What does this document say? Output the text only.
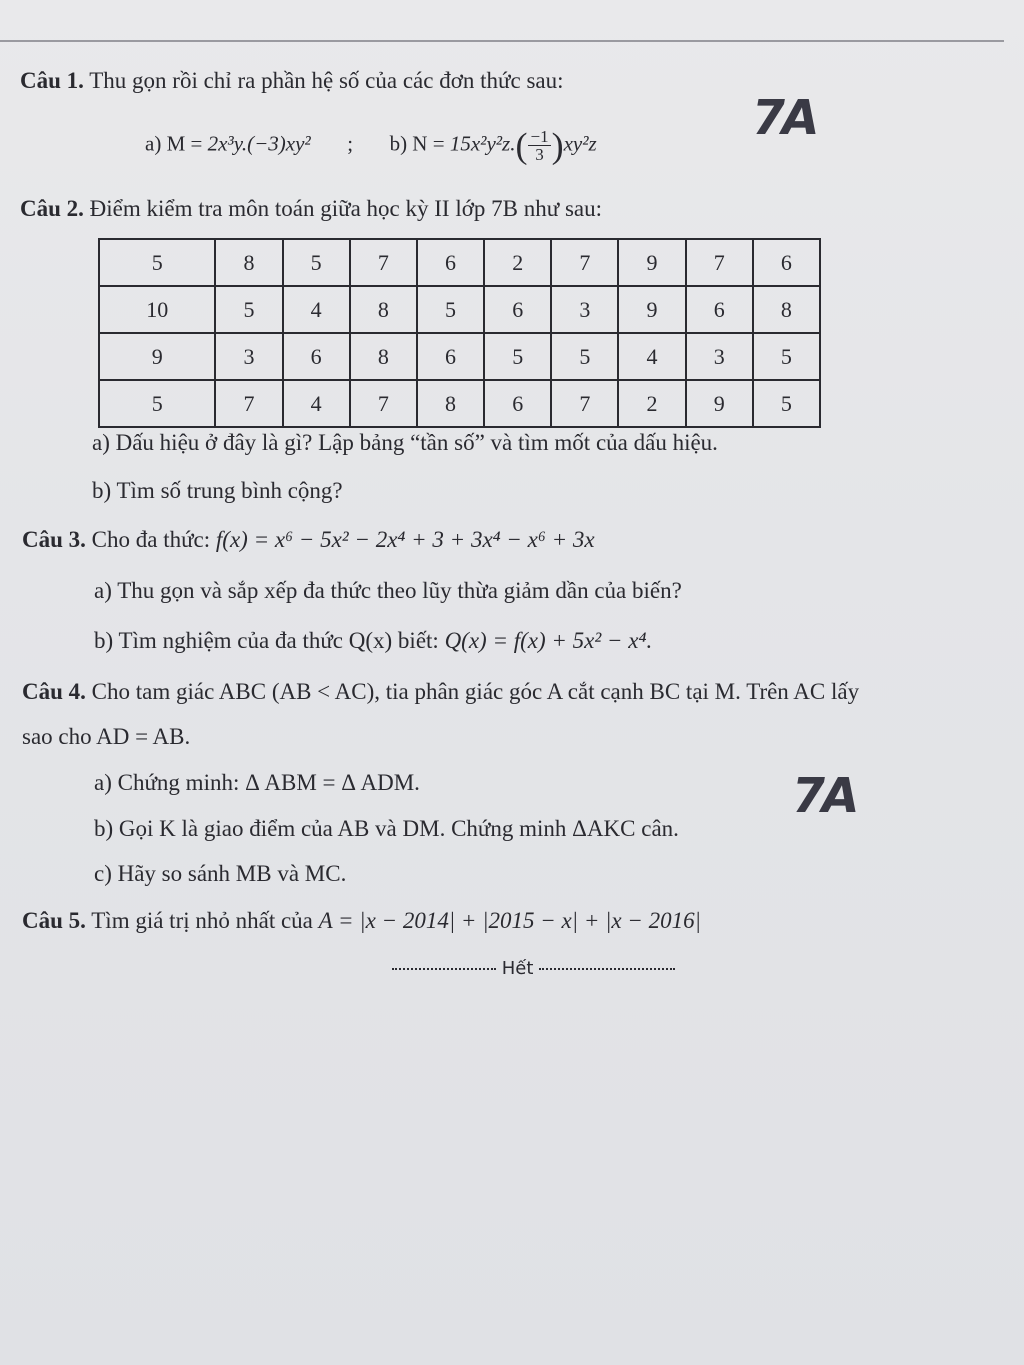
Câu 1. Thu gọn rồi chỉ ra phần hệ số của các đơn thức sau:
a) M = 2x³y.(−3)xy² ; b) $N = 15x^2y^2z.( \frac{-1}{3} )xy^2z$	7A
Câu 2. Điểm kiểm tra môn toán giữa học kỳ II lớp 7B như sau:
5	8	5	7	6	2	7	9	7	6
10	5	4	8	5	6	3	9	6	8
9	3	6	8	6	5	5	4	3	5
5	7	4	7	8	6	7	2	9	5
a) Dấu hiệu ở đây là gì? Lập bảng “tần số” và tìm mốt của dấu hiệu.
b) Tìm số trung bình cộng?
Câu 3. Cho đa thức: f(x) = x⁶ − 5x² − 2x⁴ + 3 + 3x⁴ − x⁶ + 3x
a) Thu gọn và sắp xếp đa thức theo lũy thừa giảm dần của biến?
b) Tìm nghiệm của đa thức Q(x) biết: Q(x) = f(x) + 5x² − x⁴.
Câu 4. Cho tam giác ABC (AB < AC), tia phân giác góc A cắt cạnh BC tại M. Trên AC lấy
sao cho AD = AB.
a) Chứng minh: Δ ABM = Δ ADM.
b) Gọi K là giao điểm của AB và DM. Chứng minh ΔAKC cân.
c) Hãy so sánh MB và MC.
7A
Câu 5. Tìm giá trị nhỏ nhất của A = |x − 2014| + |2015 − x| + |x − 2016|
Hết
